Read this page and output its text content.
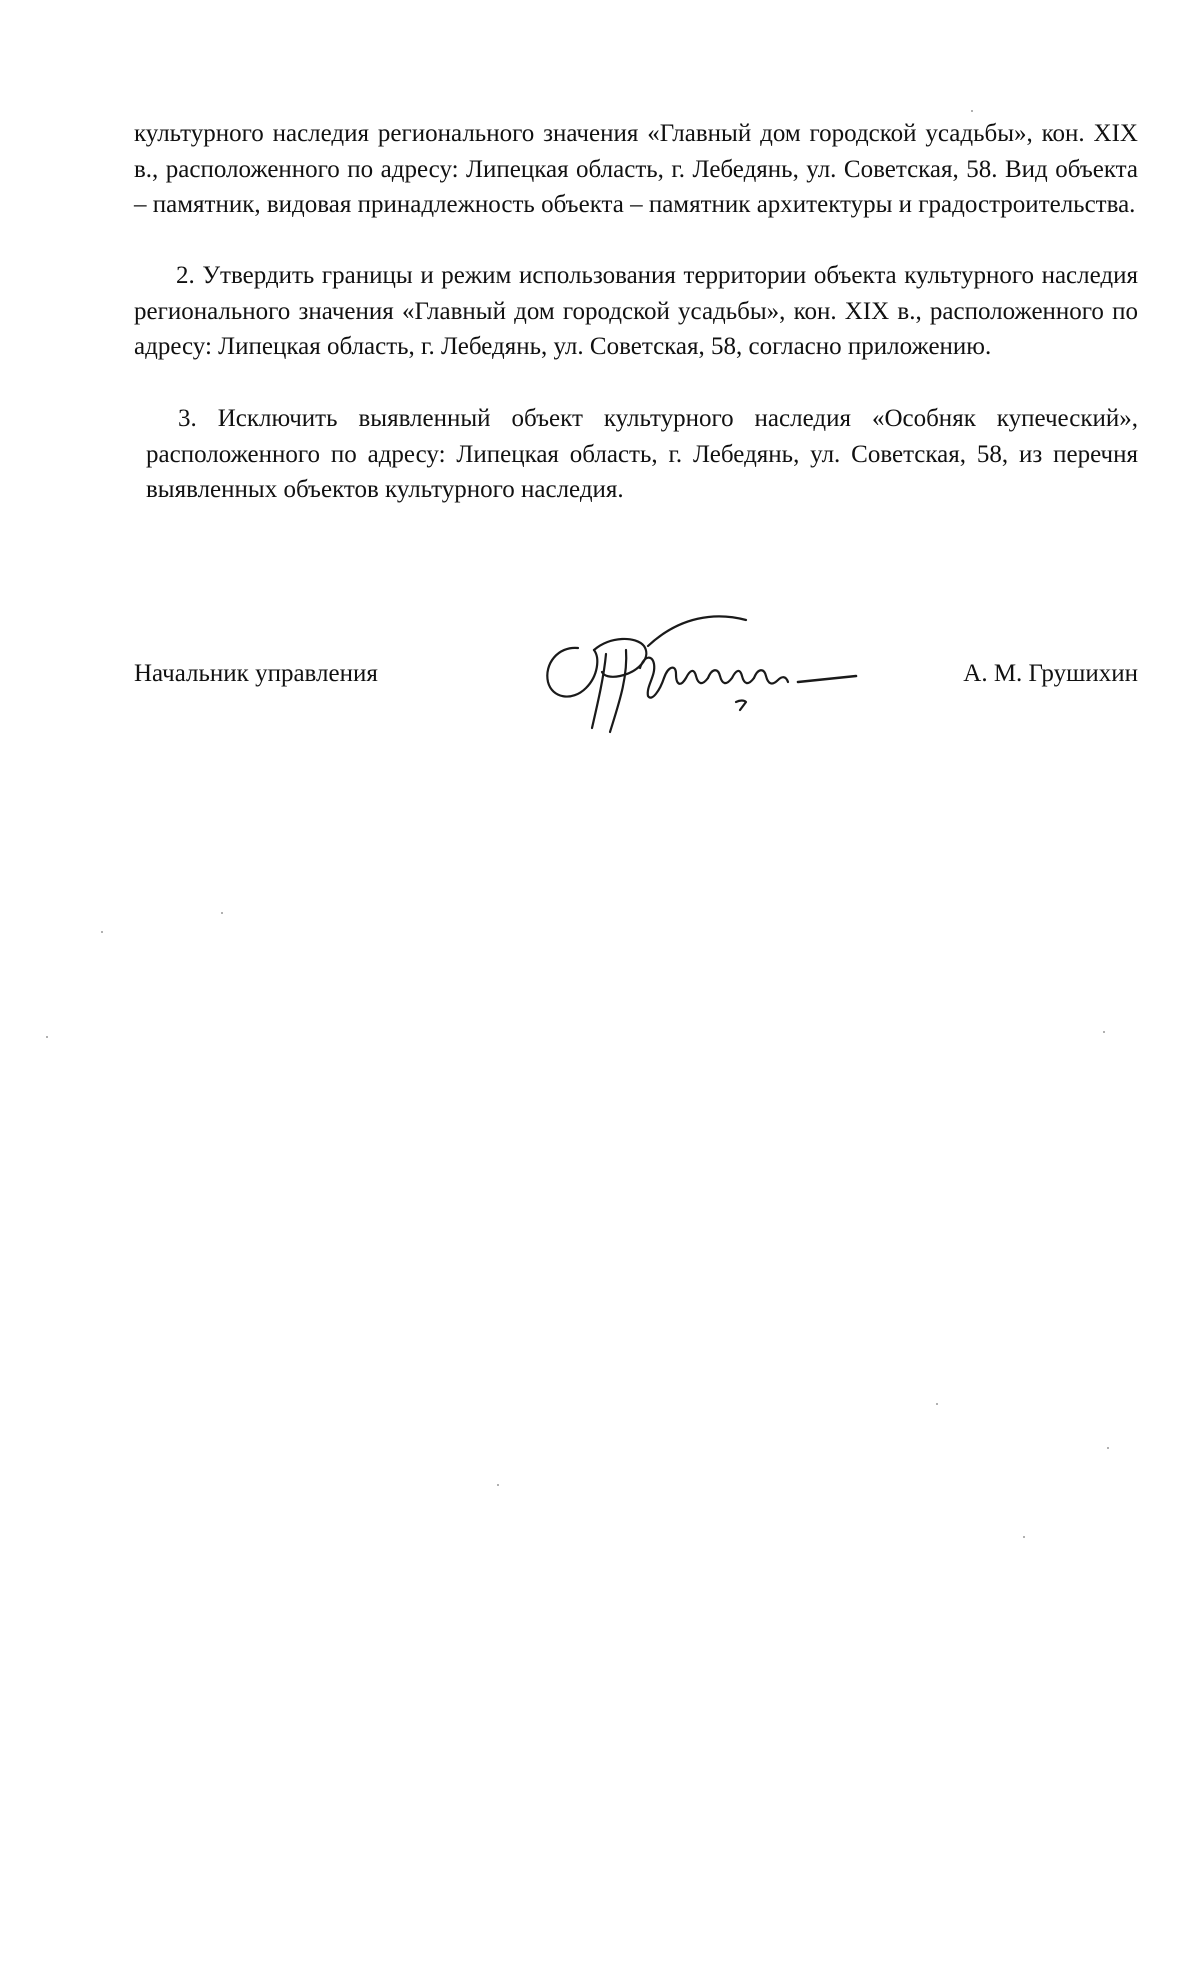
культурного наследия регионального значения «Главный дом городской усадьбы», кон. XIX в., расположенного по адресу: Липецкая область, г. Лебедянь, ул. Советская, 58. Вид объекта – памятник, видовая принадлежность объекта – памятник архитектуры и градостроительства.

2. Утвердить границы и режим использования территории объекта культурного наследия регионального значения «Главный дом городской усадьбы», кон. XIX в., расположенного по адресу: Липецкая область, г. Лебедянь, ул. Советская, 58, согласно приложению.

3. Исключить выявленный объект культурного наследия «Особняк купеческий», расположенного по адресу: Липецкая область, г. Лебедянь, ул. Советская, 58, из перечня выявленных объектов культурного наследия.

Начальник управления	А. М. Грушихин
